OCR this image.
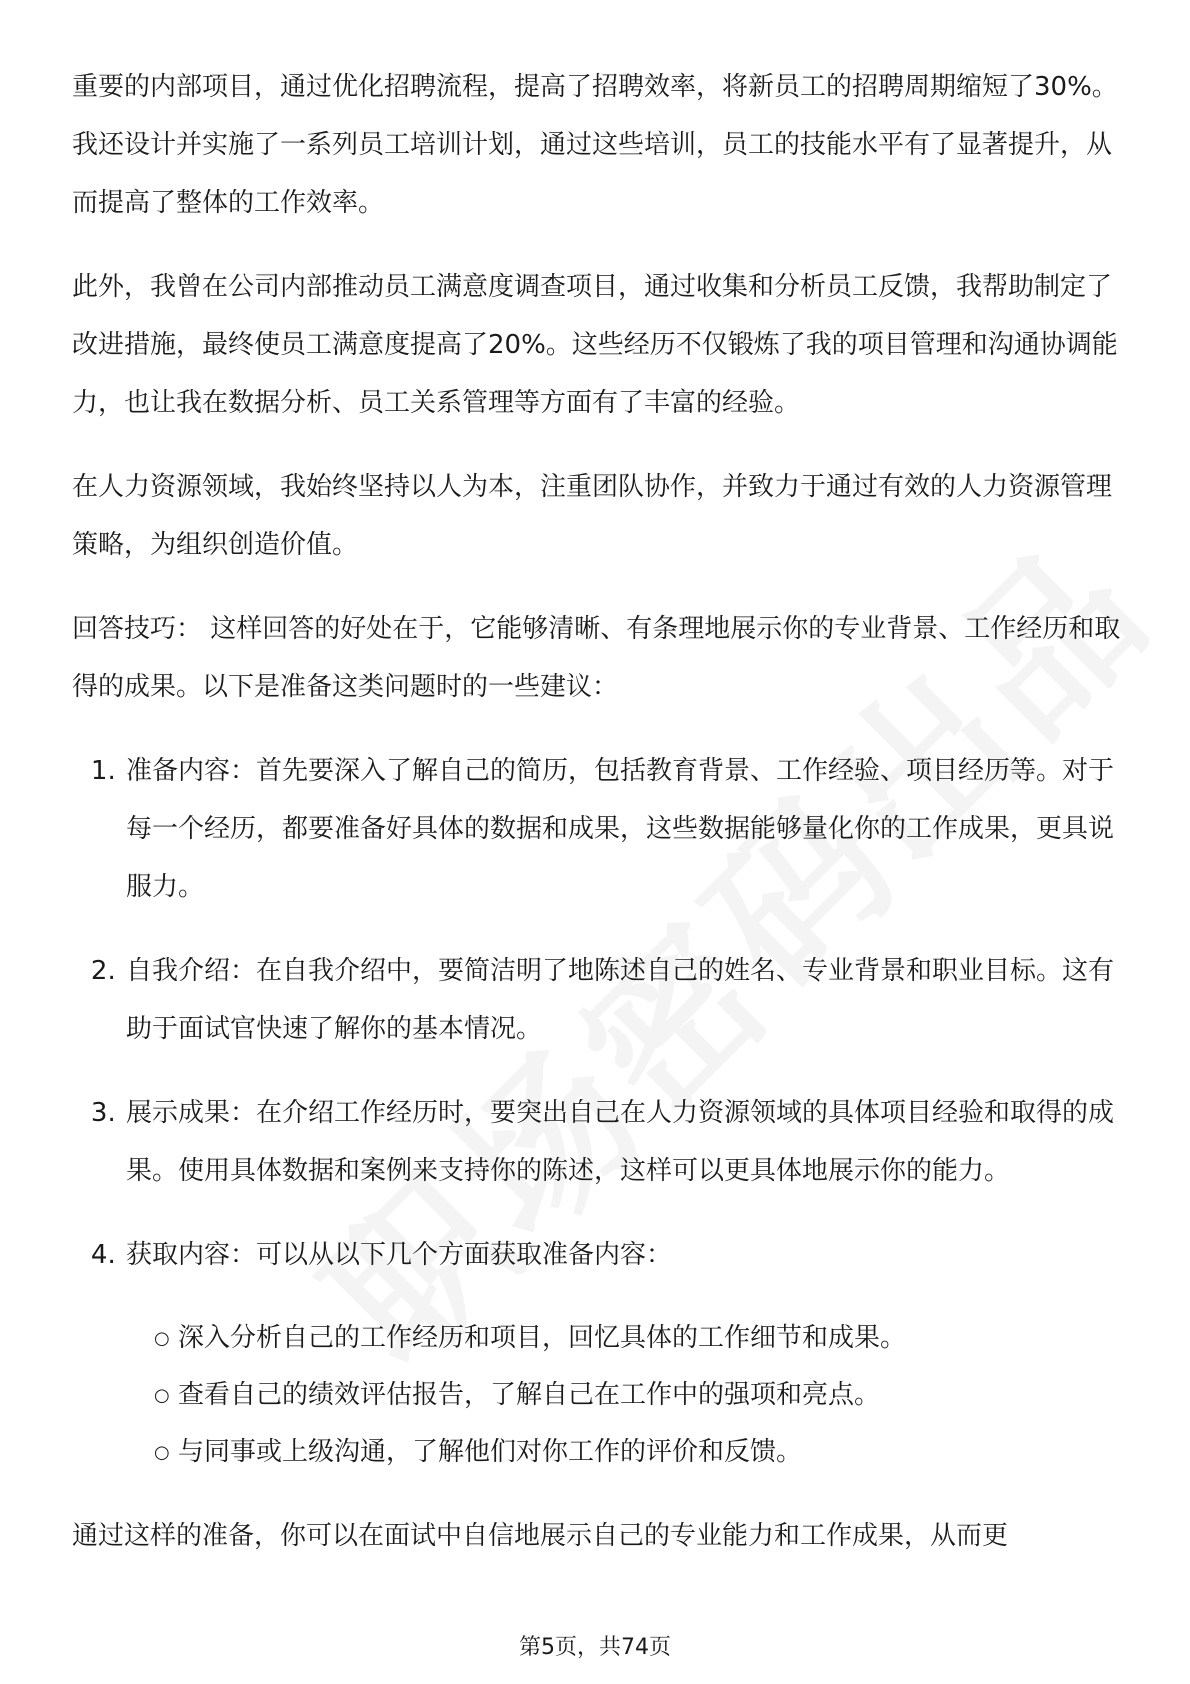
重要的内部项目，通过优化招聘流程，提高了招聘效率，将新员工的招聘周期缩短了30%。我还设计并实施了一系列员工培训计划，通过这些培训，员工的技能水平有了显著提升，从而提高了整体的工作效率。

此外，我曾在公司内部推动员工满意度调查项目，通过收集和分析员工反馈，我帮助制定了改进措施，最终使员工满意度提高了20%。这些经历不仅锻炼了我的项目管理和沟通协调能力，也让我在数据分析、员工关系管理等方面有了丰富的经验。

在人力资源领域，我始终坚持以人为本，注重团队协作，并致力于通过有效的人力资源管理策略，为组织创造价值。

回答技巧： 这样回答的好处在于，它能够清晰、有条理地展示你的专业背景、工作经历和取得的成果。以下是准备这类问题时的一些建议：

1. 准备内容：首先要深入了解自己的简历，包括教育背景、工作经验、项目经历等。对于每一个经历，都要准备好具体的数据和成果，这些数据能够量化你的工作成果，更具说服力。
2. 自我介绍：在自我介绍中，要简洁明了地陈述自己的姓名、专业背景和职业目标。这有助于面试官快速了解你的基本情况。
3. 展示成果：在介绍工作经历时，要突出自己在人力资源领域的具体项目经验和取得的成果。使用具体数据和案例来支持你的陈述，这样可以更具体地展示你的能力。
4. 获取内容：可以从以下几个方面获取准备内容：
○ 深入分析自己的工作经历和项目，回忆具体的工作细节和成果。
○ 查看自己的绩效评估报告，了解自己在工作中的强项和亮点。
○ 与同事或上级沟通，了解他们对你工作的评价和反馈。

通过这样的准备，你可以在面试中自信地展示自己的专业能力和工作成果，从而更

第5页，共74页
